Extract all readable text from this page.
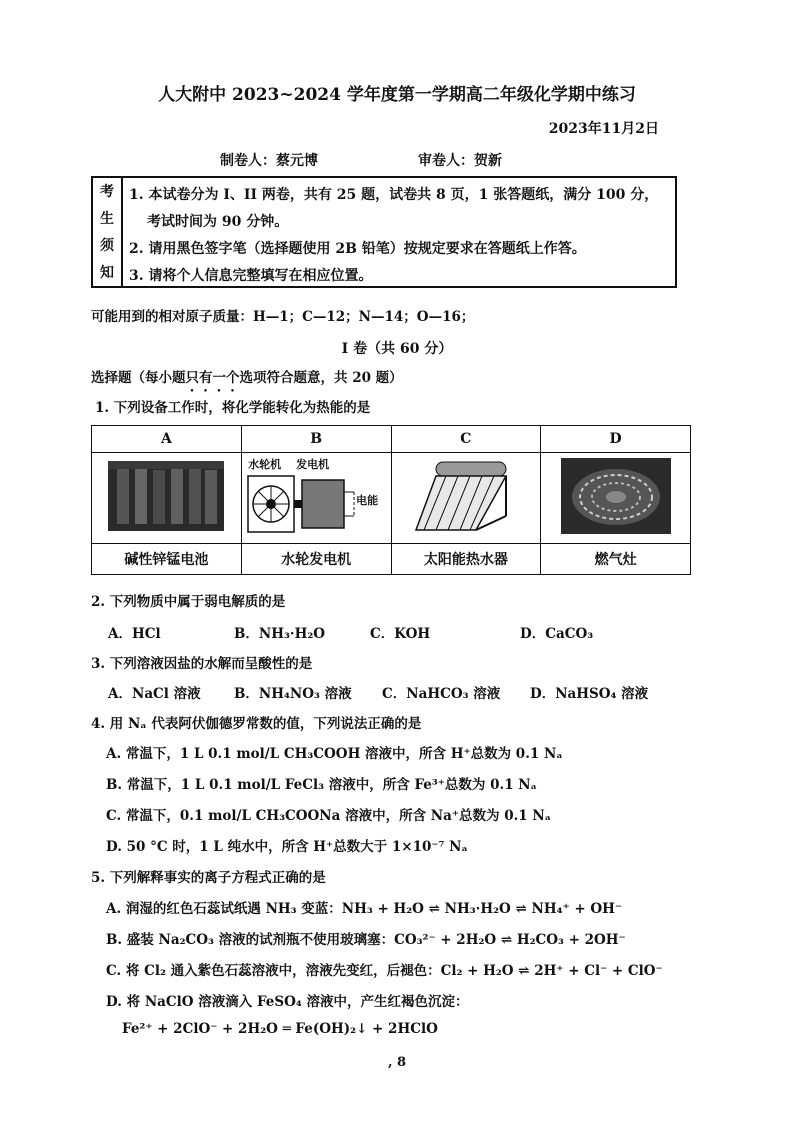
人大附中 2023~2024 学年度第一学期高二年级化学期中练习
2023年11月2日
制卷人：蔡元博	审卷人：贺新
考
生
须
知
1. 本试卷分为 I、II 两卷，共有 25 题，试卷共 8 页，1 张答题纸，满分 100 分，
考试时间为 90 分钟。
2. 请用黑色签字笔（选择题使用 2B 铅笔）按规定要求在答题纸上作答。
3. 请将个人信息完整填写在相应位置。
可能用到的相对原子质量：H—1；C—12；N—14；O—16；
I 卷（共 60 分）
选择题（每小题只有一个选项符合题意，共 20 题）
1. 下列设备工作时，将化学能转化为热能的是
A	B	C	D

水轮机 发电机
电能

碱性锌锰电池	水轮发电机	太阳能热水器	燃气灶
2. 下列物质中属于弱电解质的是
A．HCl	B．NH₃·H₂O	C．KOH	D．CaCO₃
3. 下列溶液因盐的水解而呈酸性的是
A．NaCl 溶液 B．NH₄NO₃ 溶液 C．NaHCO₃ 溶液 D．NaHSO₄ 溶液
4. 用 Nₐ 代表阿伏伽德罗常数的值，下列说法正确的是
A. 常温下，1 L 0.1 mol/L CH₃COOH 溶液中，所含 H⁺总数为 0.1 Nₐ
B. 常温下，1 L 0.1 mol/L FeCl₃ 溶液中，所含 Fe³⁺总数为 0.1 Nₐ
C. 常温下，0.1 mol/L CH₃COONa 溶液中，所含 Na⁺总数为 0.1 Nₐ
D. 50 °C 时，1 L 纯水中，所含 H⁺总数大于 1×10⁻⁷ Nₐ
5. 下列解释事实的离子方程式正确的是
A. 润湿的红色石蕊试纸遇 NH₃ 变蓝：NH₃ + H₂O ⇌ NH₃·H₂O ⇌ NH₄⁺ + OH⁻
B. 盛装 Na₂CO₃ 溶液的试剂瓶不使用玻璃塞：CO₃²⁻ + 2H₂O ⇌ H₂CO₃ + 2OH⁻
C. 将 Cl₂ 通入紫色石蕊溶液中，溶液先变红，后褪色：Cl₂ + H₂O ⇌ 2H⁺ + Cl⁻ + ClO⁻
D. 将 NaClO 溶液滴入 FeSO₄ 溶液中，产生红褐色沉淀：
Fe²⁺ + 2ClO⁻ + 2H₂O ═ Fe(OH)₂↓ + 2HClO
, 8
